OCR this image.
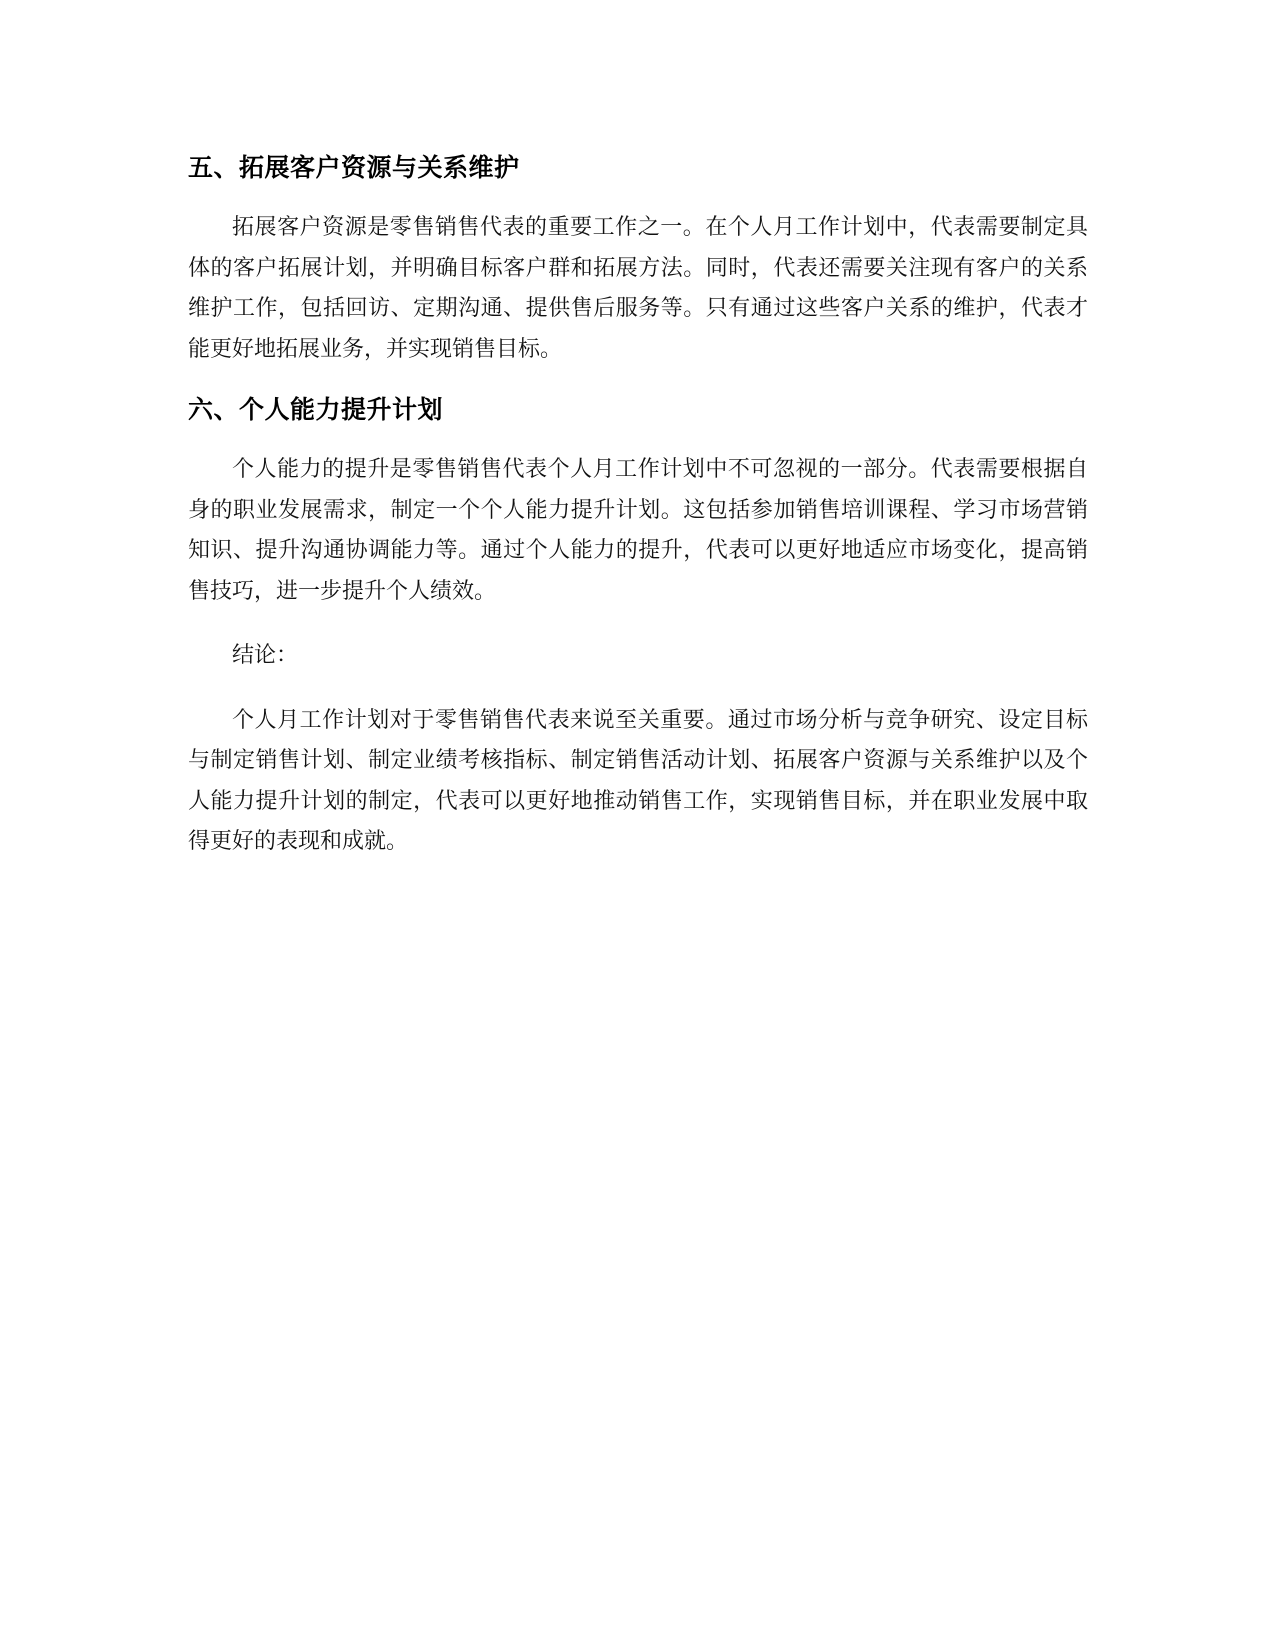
五、拓展客户资源与关系维护

拓展客户资源是零售销售代表的重要工作之一。在个人月工作计划中，代表需要制定具体的客户拓展计划，并明确目标客户群和拓展方法。同时，代表还需要关注现有客户的关系维护工作，包括回访、定期沟通、提供售后服务等。只有通过这些客户关系的维护，代表才能更好地拓展业务，并实现销售目标。

六、个人能力提升计划

个人能力的提升是零售销售代表个人月工作计划中不可忽视的一部分。代表需要根据自身的职业发展需求，制定一个个人能力提升计划。这包括参加销售培训课程、学习市场营销知识、提升沟通协调能力等。通过个人能力的提升，代表可以更好地适应市场变化，提高销售技巧，进一步提升个人绩效。

结论：

个人月工作计划对于零售销售代表来说至关重要。通过市场分析与竞争研究、设定目标与制定销售计划、制定业绩考核指标、制定销售活动计划、拓展客户资源与关系维护以及个人能力提升计划的制定，代表可以更好地推动销售工作，实现销售目标，并在职业发展中取得更好的表现和成就。
